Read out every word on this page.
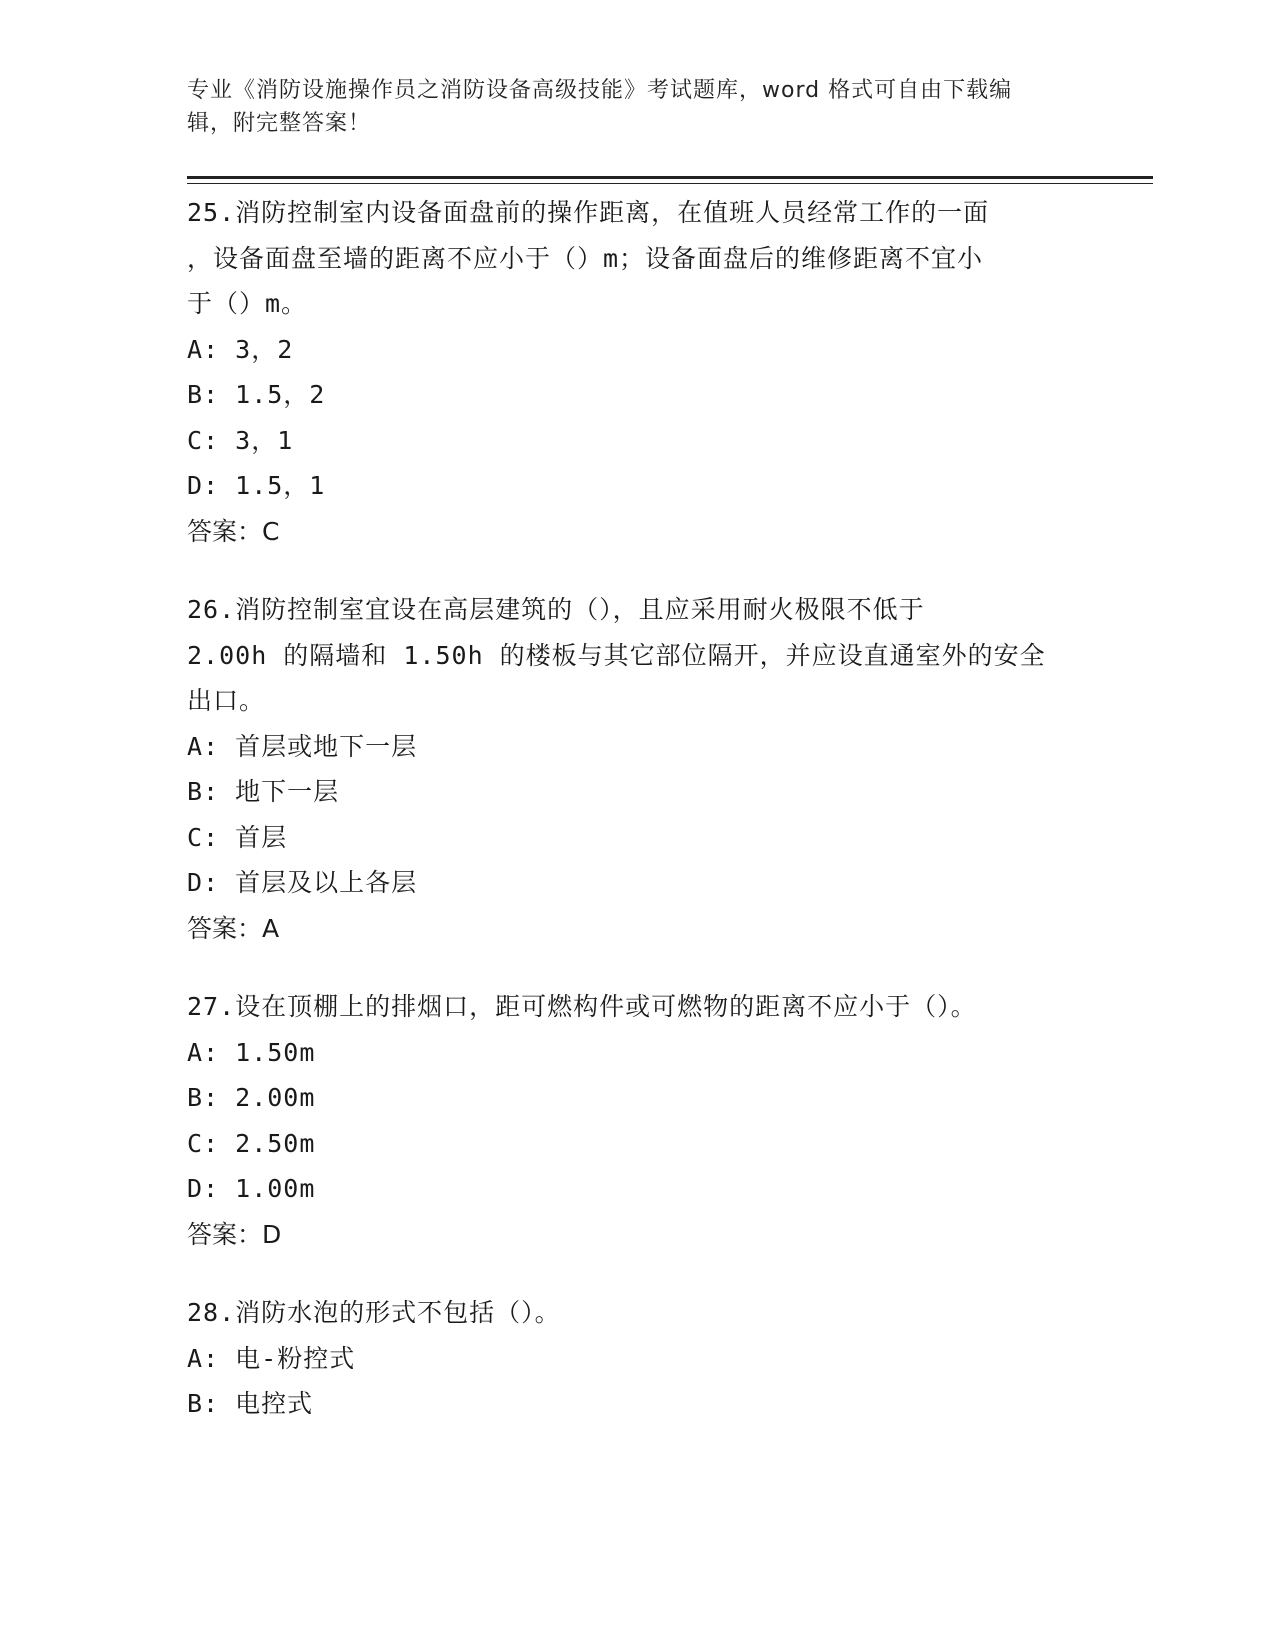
专业《消防设施操作员之消防设备高级技能》考试题库，word 格式可自由下载编
辑，附完整答案！
25.消防控制室内设备面盘前的操作距离，在值班人员经常工作的一面
，设备面盘至墙的距离不应小于（）m；设备面盘后的维修距离不宜小
于（）m。
A: 3，2
B: 1.5，2
C: 3，1
D: 1.5，1
答案：C
26.消防控制室宜设在高层建筑的（），且应采用耐火极限不低于
2.00h 的隔墙和 1.50h 的楼板与其它部位隔开，并应设直通室外的安全
出口。
A: 首层或地下一层
B: 地下一层
C: 首层
D: 首层及以上各层
答案：A
27.设在顶棚上的排烟口，距可燃构件或可燃物的距离不应小于（）。
A: 1.50m
B: 2.00m
C: 2.50m
D: 1.00m
答案：D
28.消防水泡的形式不包括（）。
A: 电-粉控式
B: 电控式
